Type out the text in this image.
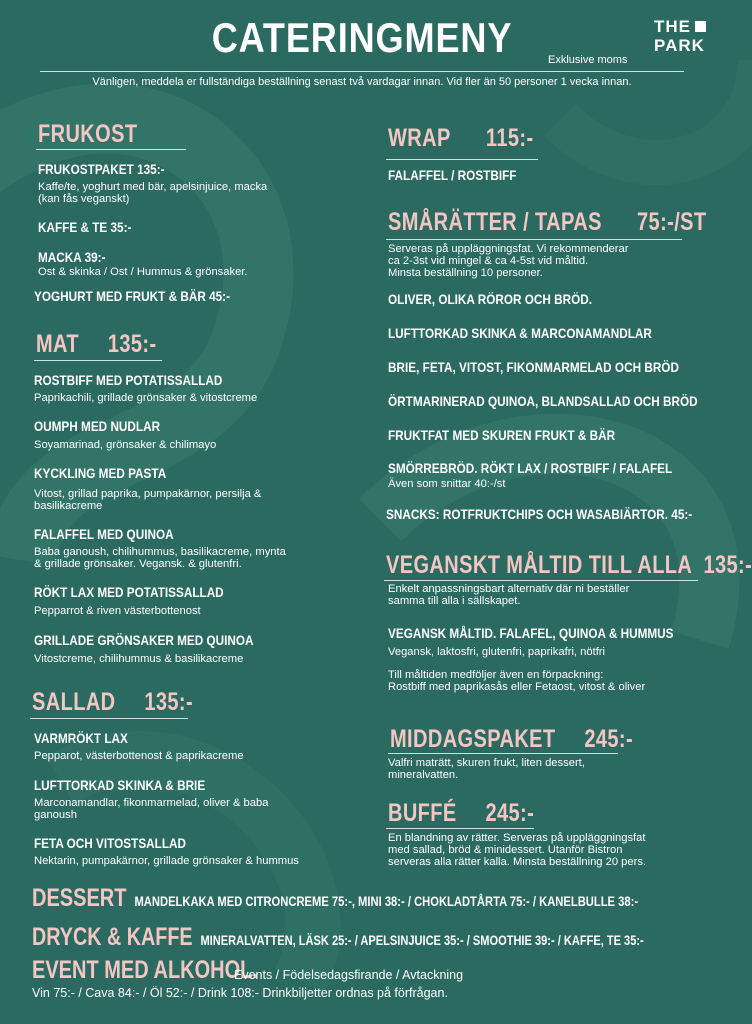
CATERINGMENY	THE
PARK
Exklusive moms
Vänligen, meddela er fullständiga beställning senast två vardagar innan. Vid fler än 50 personer 1 vecka innan.
FRUKOST
FRUKOSTPAKET 135:-
Kaffe/te, yoghurt med bär, apelsinjuice, macka
(kan fås veganskt)
KAFFE & TE 35:-
MACKA 39:-
Ost & skinka / Ost / Hummus & grönsaker.
YOGHURT MED FRUKT & BÄR 45:-
MAT 135:-
ROSTBIFF MED POTATISSALLAD
Paprikachili, grillade grönsaker & vitostcreme
OUMPH MED NUDLAR
Soyamarinad, grönsaker & chilimayo
KYCKLING MED PASTA
Vitost, grillad paprika, pumpakärnor, persilja &
basilikacreme
FALAFFEL MED QUINOA
Baba ganoush, chilihummus, basilikacreme, mynta
& grillade grönsaker. Vegansk. & glutenfri.
RÖKT LAX MED POTATISSALLAD
Pepparrot & riven västerbottenost
GRILLADE GRÖNSAKER MED QUINOA
Vitostcreme, chilihummus & basilikacreme
SALLAD 135:-
VARMRÖKT LAX
Pepparot, västerbottenost & paprikacreme
LUFTTORKAD SKINKA & BRIE
Marconamandlar, fikonmarmelad, oliver & baba
ganoush
FETA OCH VITOSTSALLAD
Nektarin, pumpakärnor, grillade grönsaker & hummus
WRAP 115:-
FALAFFEL / ROSTBIFF
SMÅRÄTTER / TAPAS 75:-/ST
Serveras på uppläggningsfat. Vi rekommenderar
ca 2-3st vid mingel & ca 4-5st vid måltid.
Minsta beställning 10 personer.
OLIVER, OLIKA RÖROR OCH BRÖD.
LUFTTORKAD SKINKA & MARCONAMANDLAR
BRIE, FETA, VITOST, FIKONMARMELAD OCH BRÖD
ÖRTMARINERAD QUINOA, BLANDSALLAD OCH BRÖD
FRUKTFAT MED SKUREN FRUKT & BÄR
SMÖRREBRÖD. RÖKT LAX / ROSTBIFF / FALAFEL
Även som snittar 40:-/st
SNACKS: ROTFRUKTCHIPS OCH WASABIÄRTOR. 45:-
VEGANSKT MÅLTID TILL ALLA 135:-
Enkelt anpassningsbart alternativ där ni beställer
samma till alla i sällskapet.
VEGANSK MÅLTID. FALAFEL, QUINOA & HUMMUS
Vegansk, laktosfri, glutenfri, paprikafri, nötfri
Till måltiden medföljer även en förpackning:
Rostbiff med paprikasås eller Fetaost, vitost & oliver
MIDDAGSPAKET 245:-
Valfri maträtt, skuren frukt, liten dessert,
mineralvatten.
BUFFÉ 245:-
En blandning av rätter. Serveras på uppläggningsfat
med sallad, bröd & minidessert. Utanför Bistron
serveras alla rätter kalla. Minsta beställning 20 pers.
DESSERT MANDELKAKA MED CITRONCREME 75:-, MINI 38:- / CHOKLADTÅRTA 75:- / KANELBULLE 38:-
DRYCK & KAFFE MINERALVATTEN, LÄSK 25:- / APELSINJUICE 35:- / SMOOTHIE 39:- / KAFFE, TE 35:-
EVENT MED ALKOHOL.
Events / Födelsedagsfirande / Avtackning
Vin 75:- / Cava 84:- / Öl 52:- / Drink 108:- Drinkbiljetter ordnas på förfrågan.
